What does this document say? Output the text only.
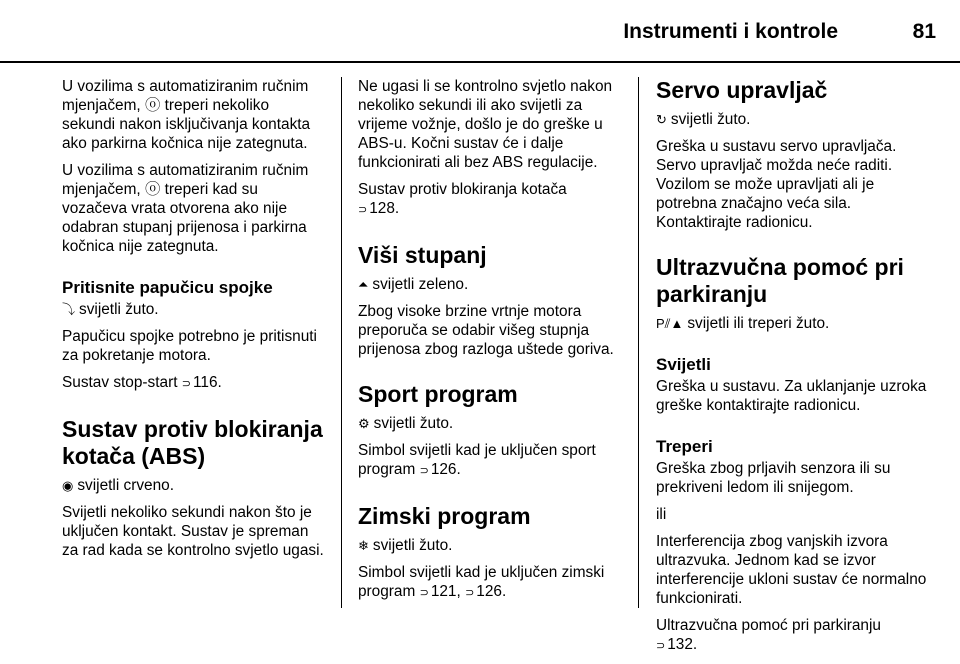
Instrumenti i kontrole	81

U vozilima s automatiziranim ručnim mjenjačem, ⓞ treperi nekoliko sekundi nakon isključivanja kontakta ako parkirna kočnica nije zategnuta.

U vozilima s automatiziranim ručnim mjenjačem, ⓞ treperi kad su vozačeva vrata otvorena ako nije odabran stupanj prijenosa i parkirna kočnica nije zategnuta.

Pritisnite papučicu spojke

⤵ svijetli žuto.

Papučicu spojke potrebno je pritisnuti za pokretanje motora.

Sustav stop-start ⊃ 116.

Sustav protiv blokiranja kotača (ABS)

◉ svijetli crveno.

Svijetli nekoliko sekundi nakon što je uključen kontakt. Sustav je spreman za rad kada se kontrolno svjetlo ugasi.

Ne ugasi li se kontrolno svjetlo nakon nekoliko sekundi ili ako svijetli za vrijeme vožnje, došlo je do greške u ABS-u. Kočni sustav će i dalje funkcionirati ali bez ABS regulacije.

Sustav protiv blokiranja kotača
⊃ 128.

Viši stupanj

⏶ svijetli zeleno.

Zbog visoke brzine vrtnje motora preporuča se odabir višeg stupnja prijenosa zbog razloga uštede goriva.

Sport program

⚙ svijetli žuto.

Simbol svijetli kad je uključen sport program ⊃ 126.

Zimski program

❄ svijetli žuto.

Simbol svijetli kad je uključen zimski program ⊃ 121, ⊃ 126.

Servo upravljač

↻ svijetli žuto.

Greška u sustavu servo upravljača. Servo upravljač možda neće raditi. Vozilom se može upravljati ali je potrebna značajno veća sila. Kontaktirajte radionicu.

Ultrazvučna pomoć pri parkiranju

P⫽▲ svijetli ili treperi žuto.

Svijetli

Greška u sustavu. Za uklanjanje uzroka greške kontaktirajte radionicu.

Treperi

Greška zbog prljavih senzora ili su prekriveni ledom ili snijegom.

ili

Interferencija zbog vanjskih izvora ultrazvuka. Jednom kad se izvor interferencije ukloni sustav će normalno funkcionirati.

Ultrazvučna pomoć pri parkiranju
⊃ 132.
